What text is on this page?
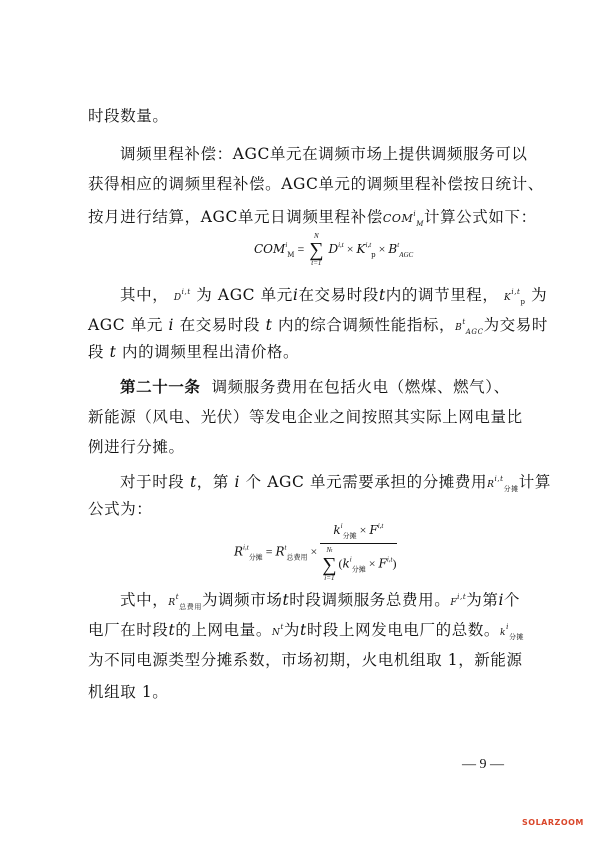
时段数量。
调频里程补偿：AGC单元在调频市场上提供调频服务可以
获得相应的调频里程补偿。AGC单元的调频里程补偿按日统计、
按月进行结算，AGC单元日调频里程补偿$COM^i_M$计算公式如下：
$COM^i_M$ =
N
∑
t=1
$D^{i,t} \times K^{i,t}_p \times B^t_{AGC}$
其中， D$^{i,t}$ 为 AGC 单元i在交易时段t内的调节里程， K$^{i,t}_p$ 为
AGC 单元 i 在交易时段 t 内的综合调频性能指标，$B^t_{AGC}$为交易时
段 t 内的调频里程出清价格。
第二十一条 调频服务费用在包括火电（燃煤、燃气）、
新能源（风电、光伏）等发电企业之间按照其实际上网电量比
例进行分摊。
对于时段 t，第 i 个 AGC 单元需要承担的分摊费用R$^{i,t}_{分摊}$计算
公式为：
$R^{i,t}_{分摊} = R^t_{总费用} \times k^i_{分摊} \times F^{i,t}$
Nt
∑
i=1
$(k^i_{分摊} \times F^{i,t})$
式中，$R^t_{总费用}$为调频市场t时段调频服务总费用。F$^{i,t}$为第i个
电厂在时段t的上网电量。$N^t$为t时段上网发电电厂的总数。$k^i_{分摊}$
为不同电源类型分摊系数，市场初期，火电机组取 1，新能源
机组取 1。
— 9 —
SOLARZOOM
